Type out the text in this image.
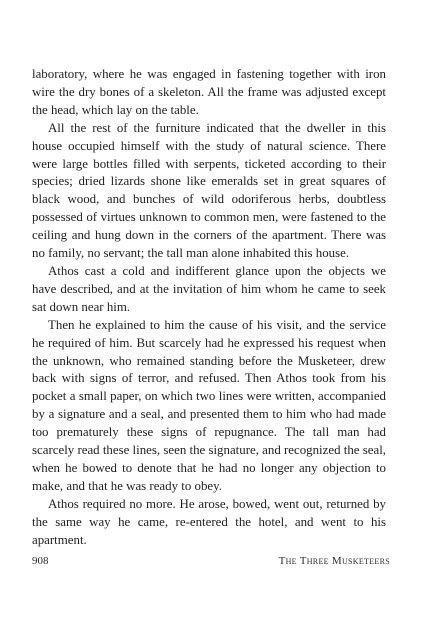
laboratory, where he was engaged in fastening together with iron wire the dry bones of a skeleton. All the frame was adjusted except the head, which lay on the table.

All the rest of the furniture indicated that the dweller in this house occupied himself with the study of natural science. There were large bottles filled with serpents, ticketed according to their species; dried lizards shone like emeralds set in great squares of black wood, and bunches of wild odoriferous herbs, doubtless possessed of virtues unknown to common men, were fastened to the ceiling and hung down in the corners of the apartment. There was no family, no servant; the tall man alone inhabited this house.

Athos cast a cold and indifferent glance upon the objects we have described, and at the invitation of him whom he came to seek sat down near him.

Then he explained to him the cause of his visit, and the service he required of him. But scarcely had he expressed his request when the unknown, who remained standing before the Musketeer, drew back with signs of terror, and refused. Then Athos took from his pocket a small paper, on which two lines were written, accompanied by a signature and a seal, and presented them to him who had made too prematurely these signs of repugnance. The tall man had scarcely read these lines, seen the signature, and recognized the seal, when he bowed to denote that he had no longer any objection to make, and that he was ready to obey.

Athos required no more. He arose, bowed, went out, returned by the same way he came, re-entered the hotel, and went to his apartment.

908	The Three Musketeers
